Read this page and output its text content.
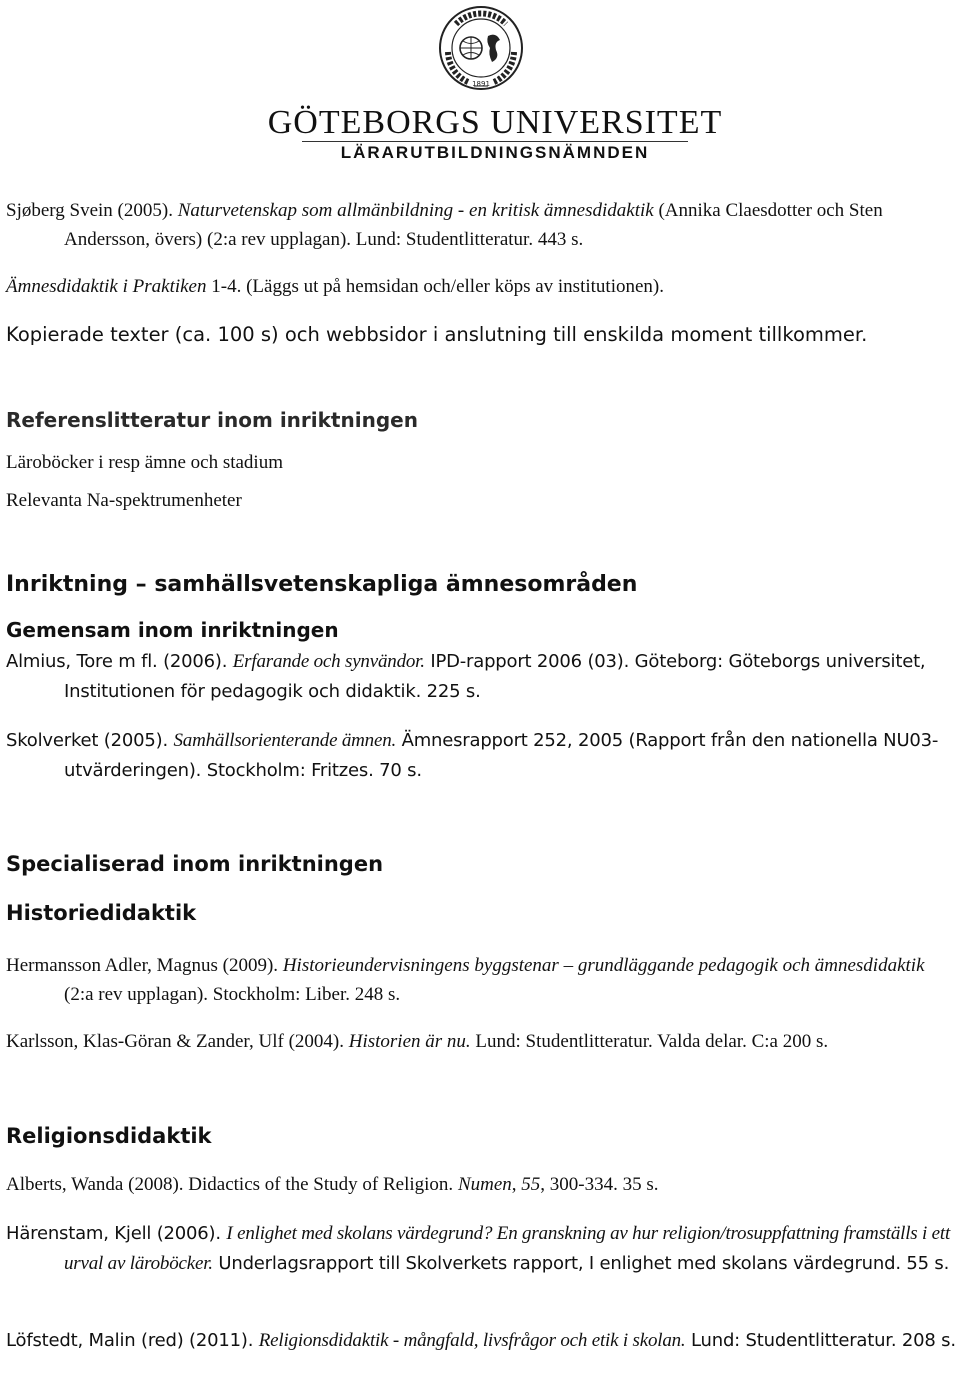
1891
GÖTEBORGS UNIVERSITET
LÄRARUTBILDNINGSNÄMNDEN

Sjøberg Svein (2005). Naturvetenskap som allmänbildning - en kritisk ämnesdidaktik (Annika Claesdotter och Sten Andersson, övers) (2:a rev upplagan). Lund: Studentlitteratur. 443 s.

Ämnesdidaktik i Praktiken 1-4. (Läggs ut på hemsidan och/eller köps av institutionen).

Kopierade texter (ca. 100 s) och webbsidor i anslutning till enskilda moment tillkommer.

Referenslitteratur inom inriktningen

Läroböcker i resp ämne och stadium

Relevanta Na-spektrumenheter

Inriktning – samhällsvetenskapliga ämnesområden

Gemensam inom inriktningen

Almius, Tore m fl. (2006). Erfarande och synvändor. IPD-rapport 2006 (03). Göteborg: Göteborgs universitet, Institutionen för pedagogik och didaktik. 225 s.

Skolverket (2005). Samhällsorienterande ämnen. Ämnesrapport 252, 2005 (Rapport från den nationella NU03-utvärderingen). Stockholm: Fritzes. 70 s.

Specialiserad inom inriktningen

Historiedidaktik

Hermansson Adler, Magnus (2009). Historieundervisningens byggstenar – grundläggande pedagogik och ämnesdidaktik (2:a rev upplagan). Stockholm: Liber. 248 s.

Karlsson, Klas-Göran & Zander, Ulf (2004). Historien är nu. Lund: Studentlitteratur. Valda delar. C:a 200 s.

Religionsdidaktik

Alberts, Wanda (2008). Didactics of the Study of Religion. Numen, 55, 300-334. 35 s.

Härenstam, Kjell (2006). I enlighet med skolans värdegrund? En granskning av hur religion/trosuppfattning framställs i ett urval av läroböcker. Underlagsrapport till Skolverkets rapport, I enlighet med skolans värdegrund. 55 s.

Löfstedt, Malin (red) (2011). Religionsdidaktik - mångfald, livsfrågor och etik i skolan. Lund: Studentlitteratur. 208 s.
